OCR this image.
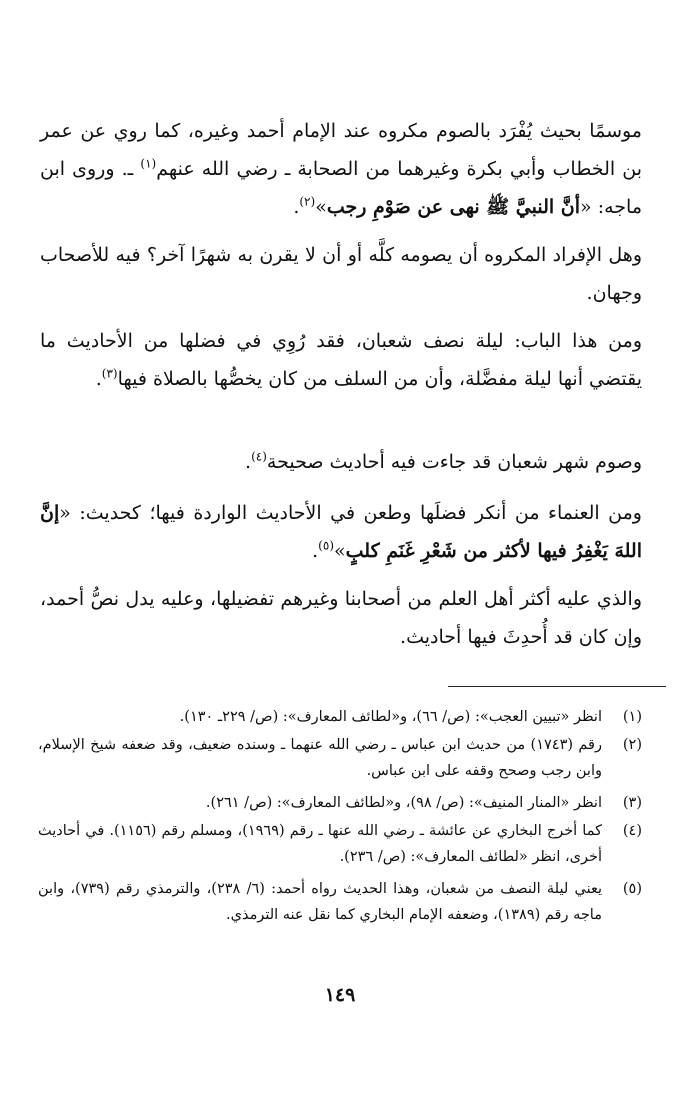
موسمًا بحيث يُفْرَد بالصوم مكروه عند الإمام أحمد وغيره، كما روي عن عمر بن الخطاب وأبي بكرة وغيرهما من الصحابة ـ رضي الله عنهم$^{(١)}$ ـ. وروى ابن ماجه: «أنَّ النبيَّ ﷺ نهى عن صَوْمِ رجب»$^{(٢)}$.
وهل الإفراد المكروه أن يصومه كلَّه أو أن لا يقرن به شهرًا آخر؟ فيه للأصحاب وجهان.
ومن هذا الباب: ليلة نصف شعبان، فقد رُوِي في فضلها من الأحاديث ما يقتضي أنها ليلة مفضَّلة، وأن من السلف من كان يخصُّها بالصلاة فيها$^{(٣)}$.
وصوم شهر شعبان قد جاءت فيه أحاديث صحيحة$^{(٤)}$.
ومن العنماء من أنكر فضلَها وطعن في الأحاديث الواردة فيها؛ كحديث: «إنَّ اللهَ يَغْفِرُ فيها لأكثر من شَعْرِ غَنَمِ كلبٍ»$^{(٥)}$.
والذي عليه أكثر أهل العلم من أصحابنا وغيرهم تفضيلها، وعليه يدل نصُّ أحمد، وإن كان قد أُحدِثَ فيها أحاديث.
(١)
انظر «تبيين العجب»: (ص/ ٦٦)، و«لطائف المعارف»: (ص/ ٢٢٩ـ ١٣٠).
(٢)
رقم (١٧٤٣) من حديث ابن عباس ـ رضي الله عنهما ـ وسنده ضعيف، وقد ضعفه شيخ الإسلام، وابن رجب وصحح وقفه على ابن عباس.
(٣)
انظر «المنار المنيف»: (ص/ ٩٨)، و«لطائف المعارف»: (ص/ ٢٦١).
(٤)
كما أخرج البخاري عن عائشة ـ رضي الله عنها ـ رقم (١٩٦٩)، ومسلم رقم (١١٥٦). في أحاديث أخرى، انظر «لطائف المعارف»: (ص/ ٢٣٦).
(٥)
يعني ليلة النصف من شعبان، وهذا الحديث رواه أحمد: (٦/ ٢٣٨)، والترمذي رقم (٧٣٩)، وابن ماجه رقم (١٣٨٩)، وضعفه الإمام البخاري كما نقل عنه الترمذي.
١٤٩
